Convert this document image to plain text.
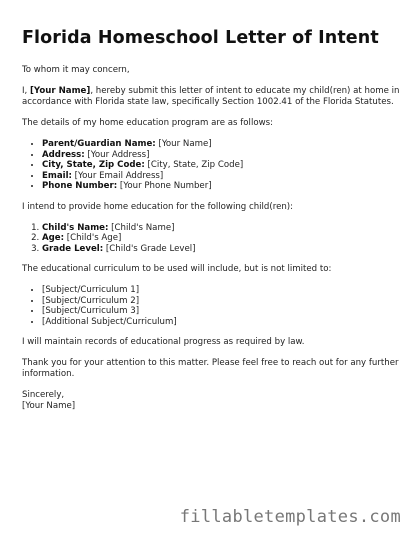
Florida Homeschool Letter of Intent

To whom it may concern,

I, [Your Name], hereby submit this letter of intent to educate my child(ren) at home in accordance with Florida state law, specifically Section 1002.41 of the Florida Statutes.

The details of my home education program are as follows:

• Parent/Guardian Name: [Your Name]
• Address: [Your Address]
• City, State, Zip Code: [City, State, Zip Code]
• Email: [Your Email Address]
• Phone Number: [Your Phone Number]

I intend to provide home education for the following child(ren):

1. Child's Name: [Child's Name]
2. Age: [Child's Age]
3. Grade Level: [Child's Grade Level]

The educational curriculum to be used will include, but is not limited to:

• [Subject/Curriculum 1]
• [Subject/Curriculum 2]
• [Subject/Curriculum 3]
• [Additional Subject/Curriculum]

I will maintain records of educational progress as required by law.

Thank you for your attention to this matter. Please feel free to reach out for any further information.

Sincerely,
[Your Name]

fillabletemplates.com
